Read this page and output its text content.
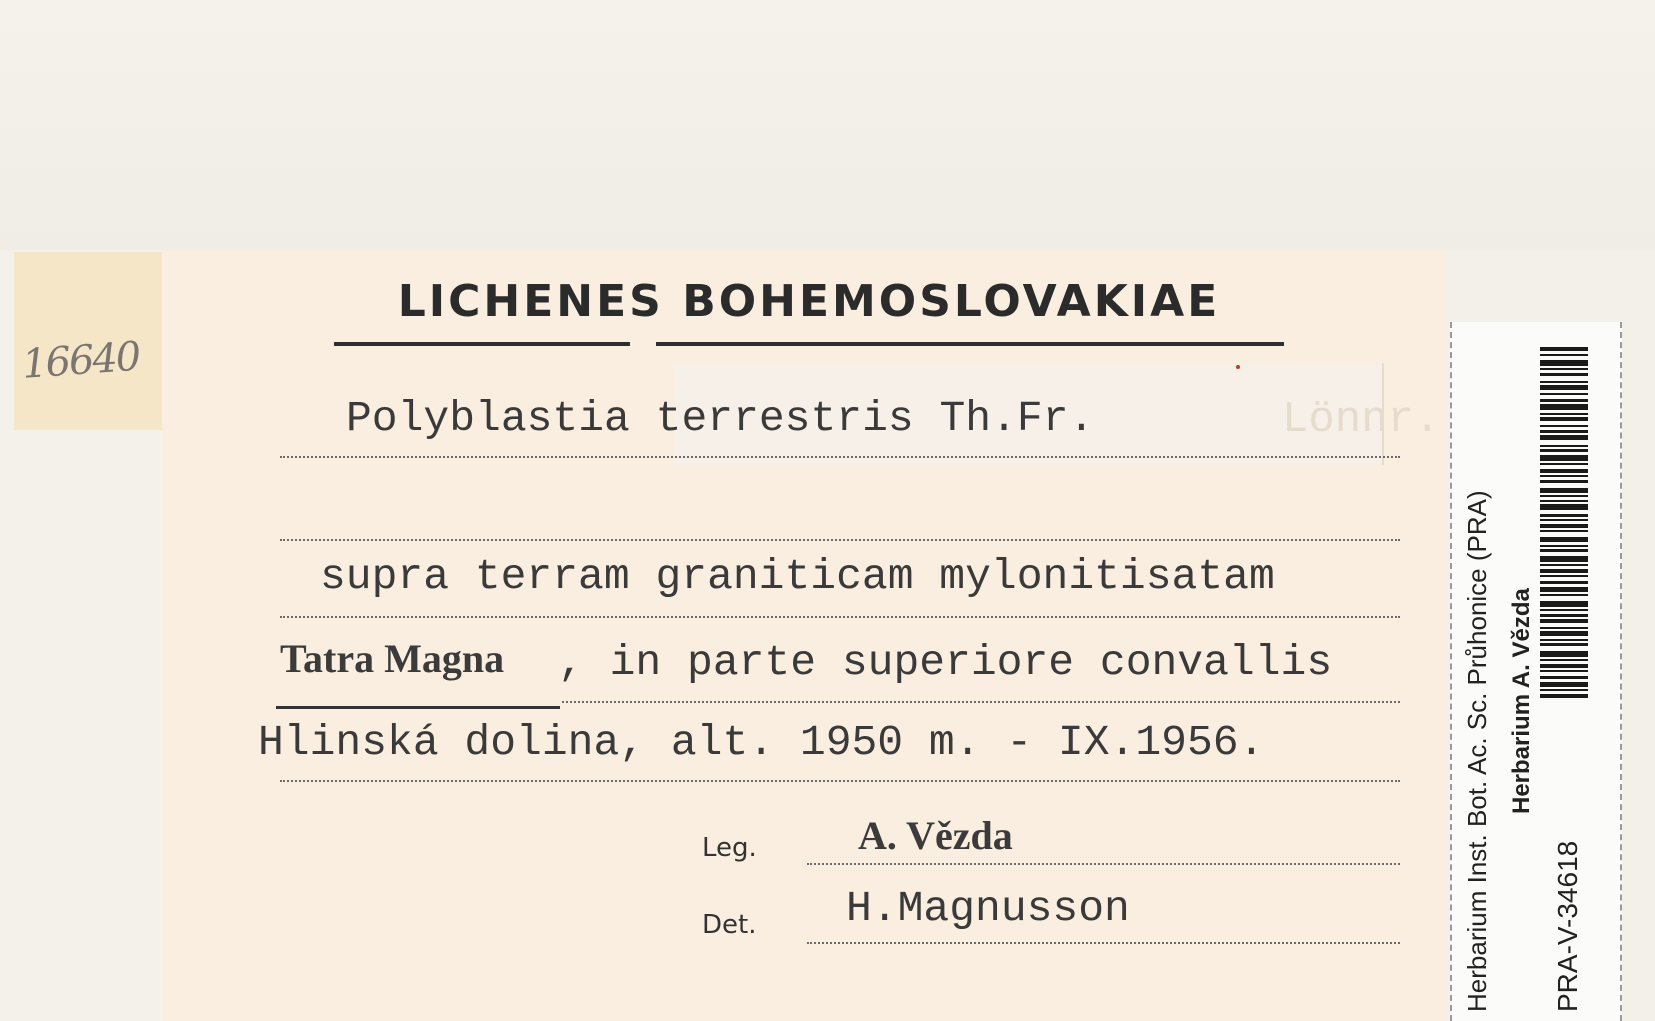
16640
LICHENES BOHEMOSLOVAKIAE
Lönnr.
Polyblastia terrestris Th.Fr.
supra terram graniticam mylonitisatam
Tatra Magna , in parte superiore convallis
Hlinská dolina, alt. 1950 m. - IX.1956.
Leg.	A. Vězda
Det. H.Magnusson	Herbarium Inst. Bot. Ac. Sc. Průhonice (PRA) Herbarium A. Vězda
PRA-V-34618
